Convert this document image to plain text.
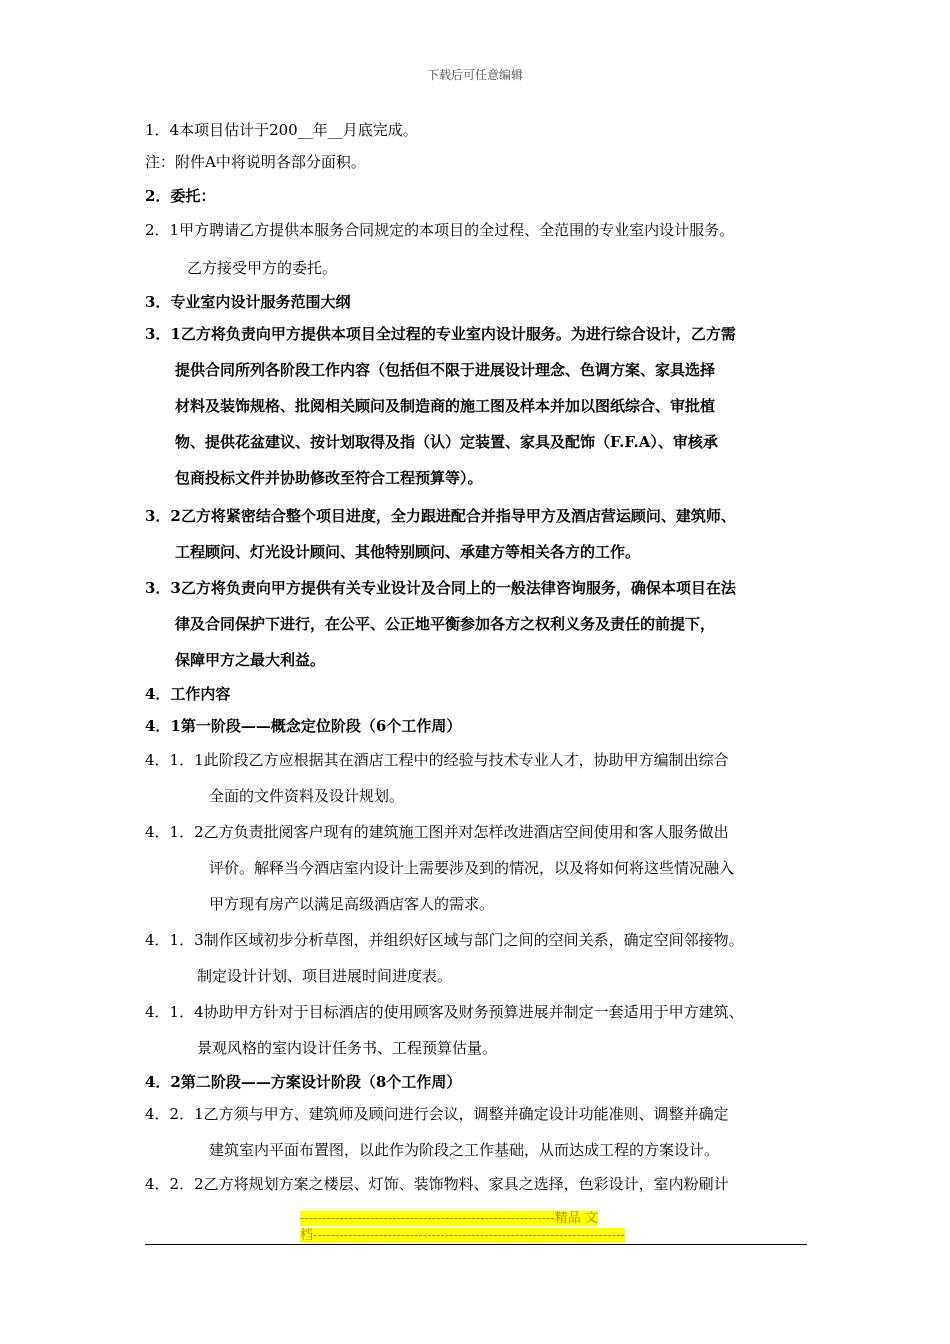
下载后可任意编辑
1．4本项目估计于200__年__月底完成。
注：附件A中将说明各部分面积。
2．委托：
2．1甲方聘请乙方提供本服务合同规定的本项目的全过程、全范围的专业室内设计服务。
乙方接受甲方的委托。
3．专业室内设计服务范围大纲
3．1乙方将负责向甲方提供本项目全过程的专业室内设计服务。为进行综合设计，乙方需
提供合同所列各阶段工作内容（包括但不限于进展设计理念、色调方案、家具选择
材料及装饰规格、批阅相关顾问及制造商的施工图及样本并加以图纸综合、审批植
物、提供花盆建议、按计划取得及指（认）定装置、家具及配饰（F.F.A）、审核承
包商投标文件并协助修改至符合工程预算等）。
3．2乙方将紧密结合整个项目进度，全力跟进配合并指导甲方及酒店营运顾问、建筑师、
工程顾问、灯光设计顾问、其他特别顾问、承建方等相关各方的工作。
3．3乙方将负责向甲方提供有关专业设计及合同上的一般法律咨询服务，确保本项目在法
律及合同保护下进行，在公平、公正地平衡参加各方之权利义务及责任的前提下，
保障甲方之最大利益。
4．工作内容
4．1第一阶段——概念定位阶段（6个工作周）
4．1．1此阶段乙方应根据其在酒店工程中的经验与技术专业人才，协助甲方编制出综合
全面的文件资料及设计规划。
4．1．2乙方负责批阅客户现有的建筑施工图并对怎样改进酒店空间使用和客人服务做出
评价。解释当今酒店室内设计上需要涉及到的情况，以及将如何将这些情况融入
甲方现有房产以满足高级酒店客人的需求。
4．1．3制作区域初步分析草图，并组织好区域与部门之间的空间关系，确定空间邻接物。
制定设计计划、项目进展时间进度表。
4．1．4协助甲方针对于目标酒店的使用顾客及财务预算进展并制定一套适用于甲方建筑、
景观风格的室内设计任务书、工程预算估量。
4．2第二阶段——方案设计阶段（8个工作周）
4．2．1乙方须与甲方、建筑师及顾问进行会议，调整并确定设计功能准则、调整并确定
建筑室内平面布置图，以此作为阶段之工作基础，从而达成工程的方案设计。
4．2．2乙方将规划方案之楼层、灯饰、装饰物料、家具之选择，色彩设计，室内粉刷计
----------------------------------------------------------精品 文
档-----------------------------------------------------------------------
